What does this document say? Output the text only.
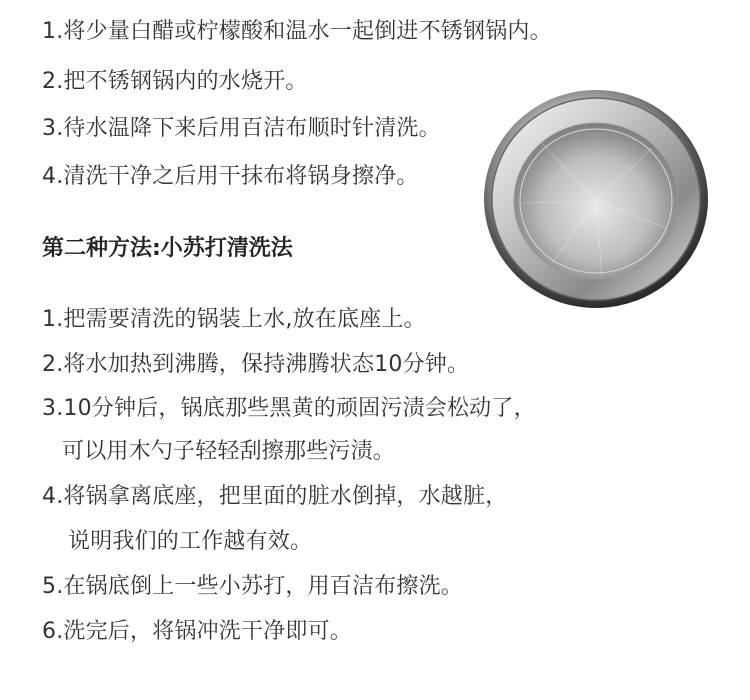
1.将少量白醋或柠檬酸和温水一起倒进不锈钢锅内。
2.把不锈钢锅内的水烧开。
3.待水温降下来后用百洁布顺时针清洗。
4.清洗干净之后用干抹布将锅身擦净。
第二种方法:小苏打清洗法
1.把需要清洗的锅装上水,放在底座上。
2.将水加热到沸腾，保持沸腾状态10分钟。
3.10分钟后，锅底那些黑黄的顽固污渍会松动了，
可以用木勺子轻轻刮擦那些污渍。
4.将锅拿离底座，把里面的脏水倒掉，水越脏，
说明我们的工作越有效。
5.在锅底倒上一些小苏打，用百洁布擦洗。
6.洗完后，将锅冲洗干净即可。
